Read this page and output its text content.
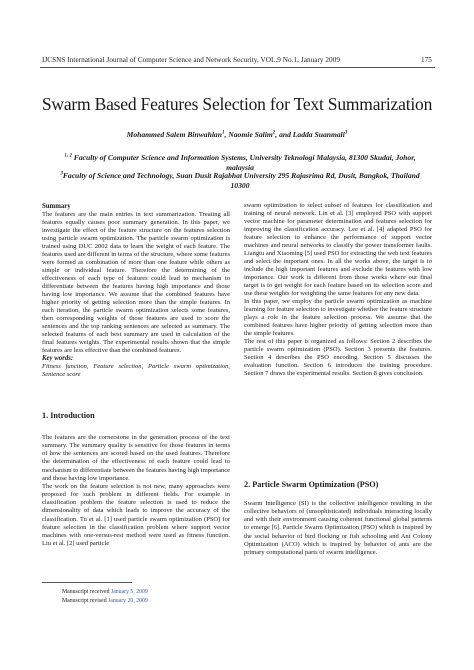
IJCSNS International Journal of Computer Science and Network Security, VOL.9 No.1, January 2009	175
Swarm Based Features Selection for Text Summarization
Mohammed Salem Binwahlan$^1$, Naomie Salim$^2$, and Ladda Suanmali$^3$
$^{1, 2}$ Faculty of Computer Science and Information Systems, University Teknologi Malaysia, 81300 Skudai, Johor, malaysia
$^3$Faculty of Science and Technology, Suan Dusit Rajabhat University 295 Rajasrima Rd, Dusit, Bangkok, Thailand 10300

Summary

The features are the main entries in text summarization. Treating all features equally causes poor summary generation. In this paper, we investigate the effect of the feature structure on the features selection using particle swarm optimization. The particle swarm optimization is trained using DUC 2002 data to learn the weight of each feature. The features used are different in terms of the structure, where some features were formed as combination of more than one feature while others as simple or individual feature. Therefore the determining of the effectiveness of each type of features could lead to mechanism to differentiate between the features having high importance and those having low importance. We assume that the combined features have higher priority of getting selection more than the simple features. In each iteration, the particle swarm optimization selects some features, then corresponding weights of those features are used to score the sentences and the top ranking sentences are selected as summary. The selected features of each best summary are used in calculation of the final features weights. The experimental results shown that the simple features are less effective than the combined features.

Key words:

Fitness function, Feature selection, Particle swarm optimization, Sentence score

1. Introduction

The features are the cornerstone in the generation process of the text summary. The summary quality is sensitive for those features in terms of how the sentences are scored based on the used features. Therefore the determination of the effectiveness of each feature could lead to mechanism to differentiate between the features having high importance and those having low importance.

The work on the feature selection is not new, many approaches were proposed for such problem in different fields. For example in classification problem the feature selection is used to reduce the dimensionality of data which leads to improve the accuracy of the classification. Tu et al. [1] used particle swarm optimization (PSO) for feature selection in the classification problem where support vector machines with one-versus-rest method were used as fitness function. Liu et al. [2] used particle

swarm optimization to select subset of features for classification and training of neural network. Lin et al. [3] employed PSO with support vector machine for parameter determination and features selection for improving the classification accuracy. Lee et al. [4] adapted PSO for feature selection to enhance the performance of support vector machines and neural networks to classify the power transformer faults. Liangtu and Xiaoming [5] used PSO for extracting the web text features and select the important ones. In all the works above, the target is to include the high important features and exclude the features with low importance. Our work is different from those works where our final target is to get weight for each feature based on its selection score and use these weights for weighting the same features for any new data.

In this paper, we employ the particle swarm optimization as machine learning for feature selection to investigate whether the feature structure plays a role in the feature selection process. We assume that the combined features have higher priority of getting selection more than the simple features.

The rest of this paper is organized as follows: Section 2 describes the particle swarm optimization (PSO). Section 3 presents the features. Section 4 describes the PSO encoding. Section 5 discusses the evaluation function. Section 6 introduces the training procedure. Section 7 draws the experimental results. Section 8 gives conclusion.

2. Particle Swarm Optimization (PSO)

Swarm Intelligence (SI) is the collective intelligence resulting in the collective behaviors of (unsophisticated) individuals interacting locally and with their environment causing coherent functional global patterns to emerge [6]. Particle Swarm Optimization (PSO) which is inspired by the social behavior of bird flocking or fish schooling and Ant Colony Optimization (ACO) which is inspired by behavior of ants are the primary computational parts of swarm intelligence.

Manuscript received January 5, 2009
Manuscript revised January 20, 2009
